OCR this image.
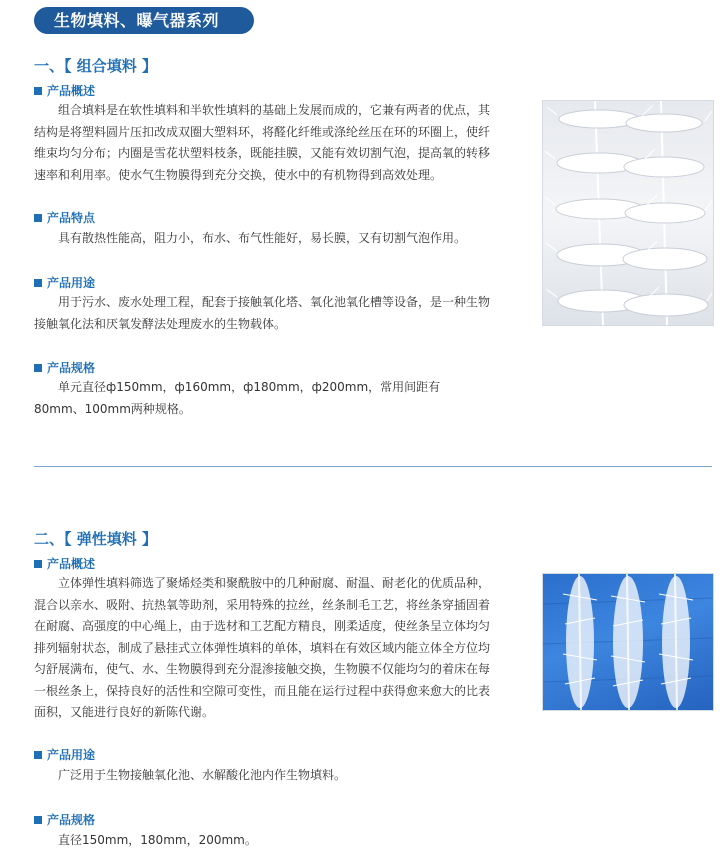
生物填料、曝气器系列
一、【 组合填料 】
产品概述

组合填料是在软性填料和半软性填料的基础上发展而成的，它兼有两者的优点，其结构是将塑料圆片压扣改成双圈大塑料环，将醛化纤维或涤纶丝压在环的环圈上，使纤维束均匀分布；内圈是雪花状塑料枝条，既能挂膜，又能有效切割气泡，提高氧的转移速率和利用率。使水气生物膜得到充分交换，使水中的有机物得到高效处理。

产品特点

具有散热性能高，阻力小，布水、布气性能好，易长膜，又有切割气泡作用。

产品用途

用于污水、废水处理工程，配套于接触氧化塔、氧化池氧化槽等设备，是一种生物接触氧化法和厌氧发酵法处理废水的生物载体。

产品规格

单元直径ф150mm，ф160mm，ф180mm，ф200mm，常用间距有80mm、100mm两种规格。

二、【 弹性填料 】
产品概述

立体弹性填料筛选了聚烯烃类和聚酰胺中的几种耐腐、耐温、耐老化的优质品种，混合以亲水、吸附、抗热氧等助剂，采用特殊的拉丝，丝条制毛工艺，将丝条穿插固着在耐腐、高强度的中心绳上，由于选材和工艺配方精良，刚柔适度，使丝条呈立体均匀排列辐射状态，制成了悬挂式立体弹性填料的单体，填料在有效区域内能立体全方位均匀舒展满布，使气、水、生物膜得到充分混渗接触交换，生物膜不仅能均匀的着床在每一根丝条上，保持良好的活性和空隙可变性，而且能在运行过程中获得愈来愈大的比表面积，又能进行良好的新陈代谢。

产品用途

广泛用于生物接触氧化池、水解酸化池内作生物填料。

产品规格

直径150mm，180mm，200mm。
